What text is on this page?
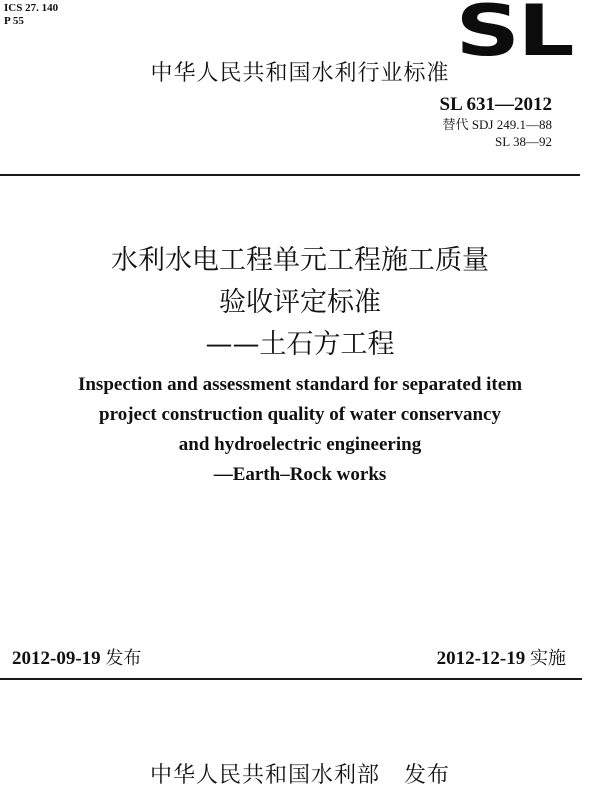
ICS 27. 140
P 55	SL
中华人民共和国水利行业标准
SL 631—2012
替代 SDJ 249.1—88
SL 38—92
水利水电工程单元工程施工质量
验收评定标准
——土石方工程
Inspection and assessment standard for separated item
project construction quality of water conservancy
and hydroelectric engineering
—Earth–Rock works
2012-09-19 发布	2012-12-19 实施
中华人民共和国水利部 发布
